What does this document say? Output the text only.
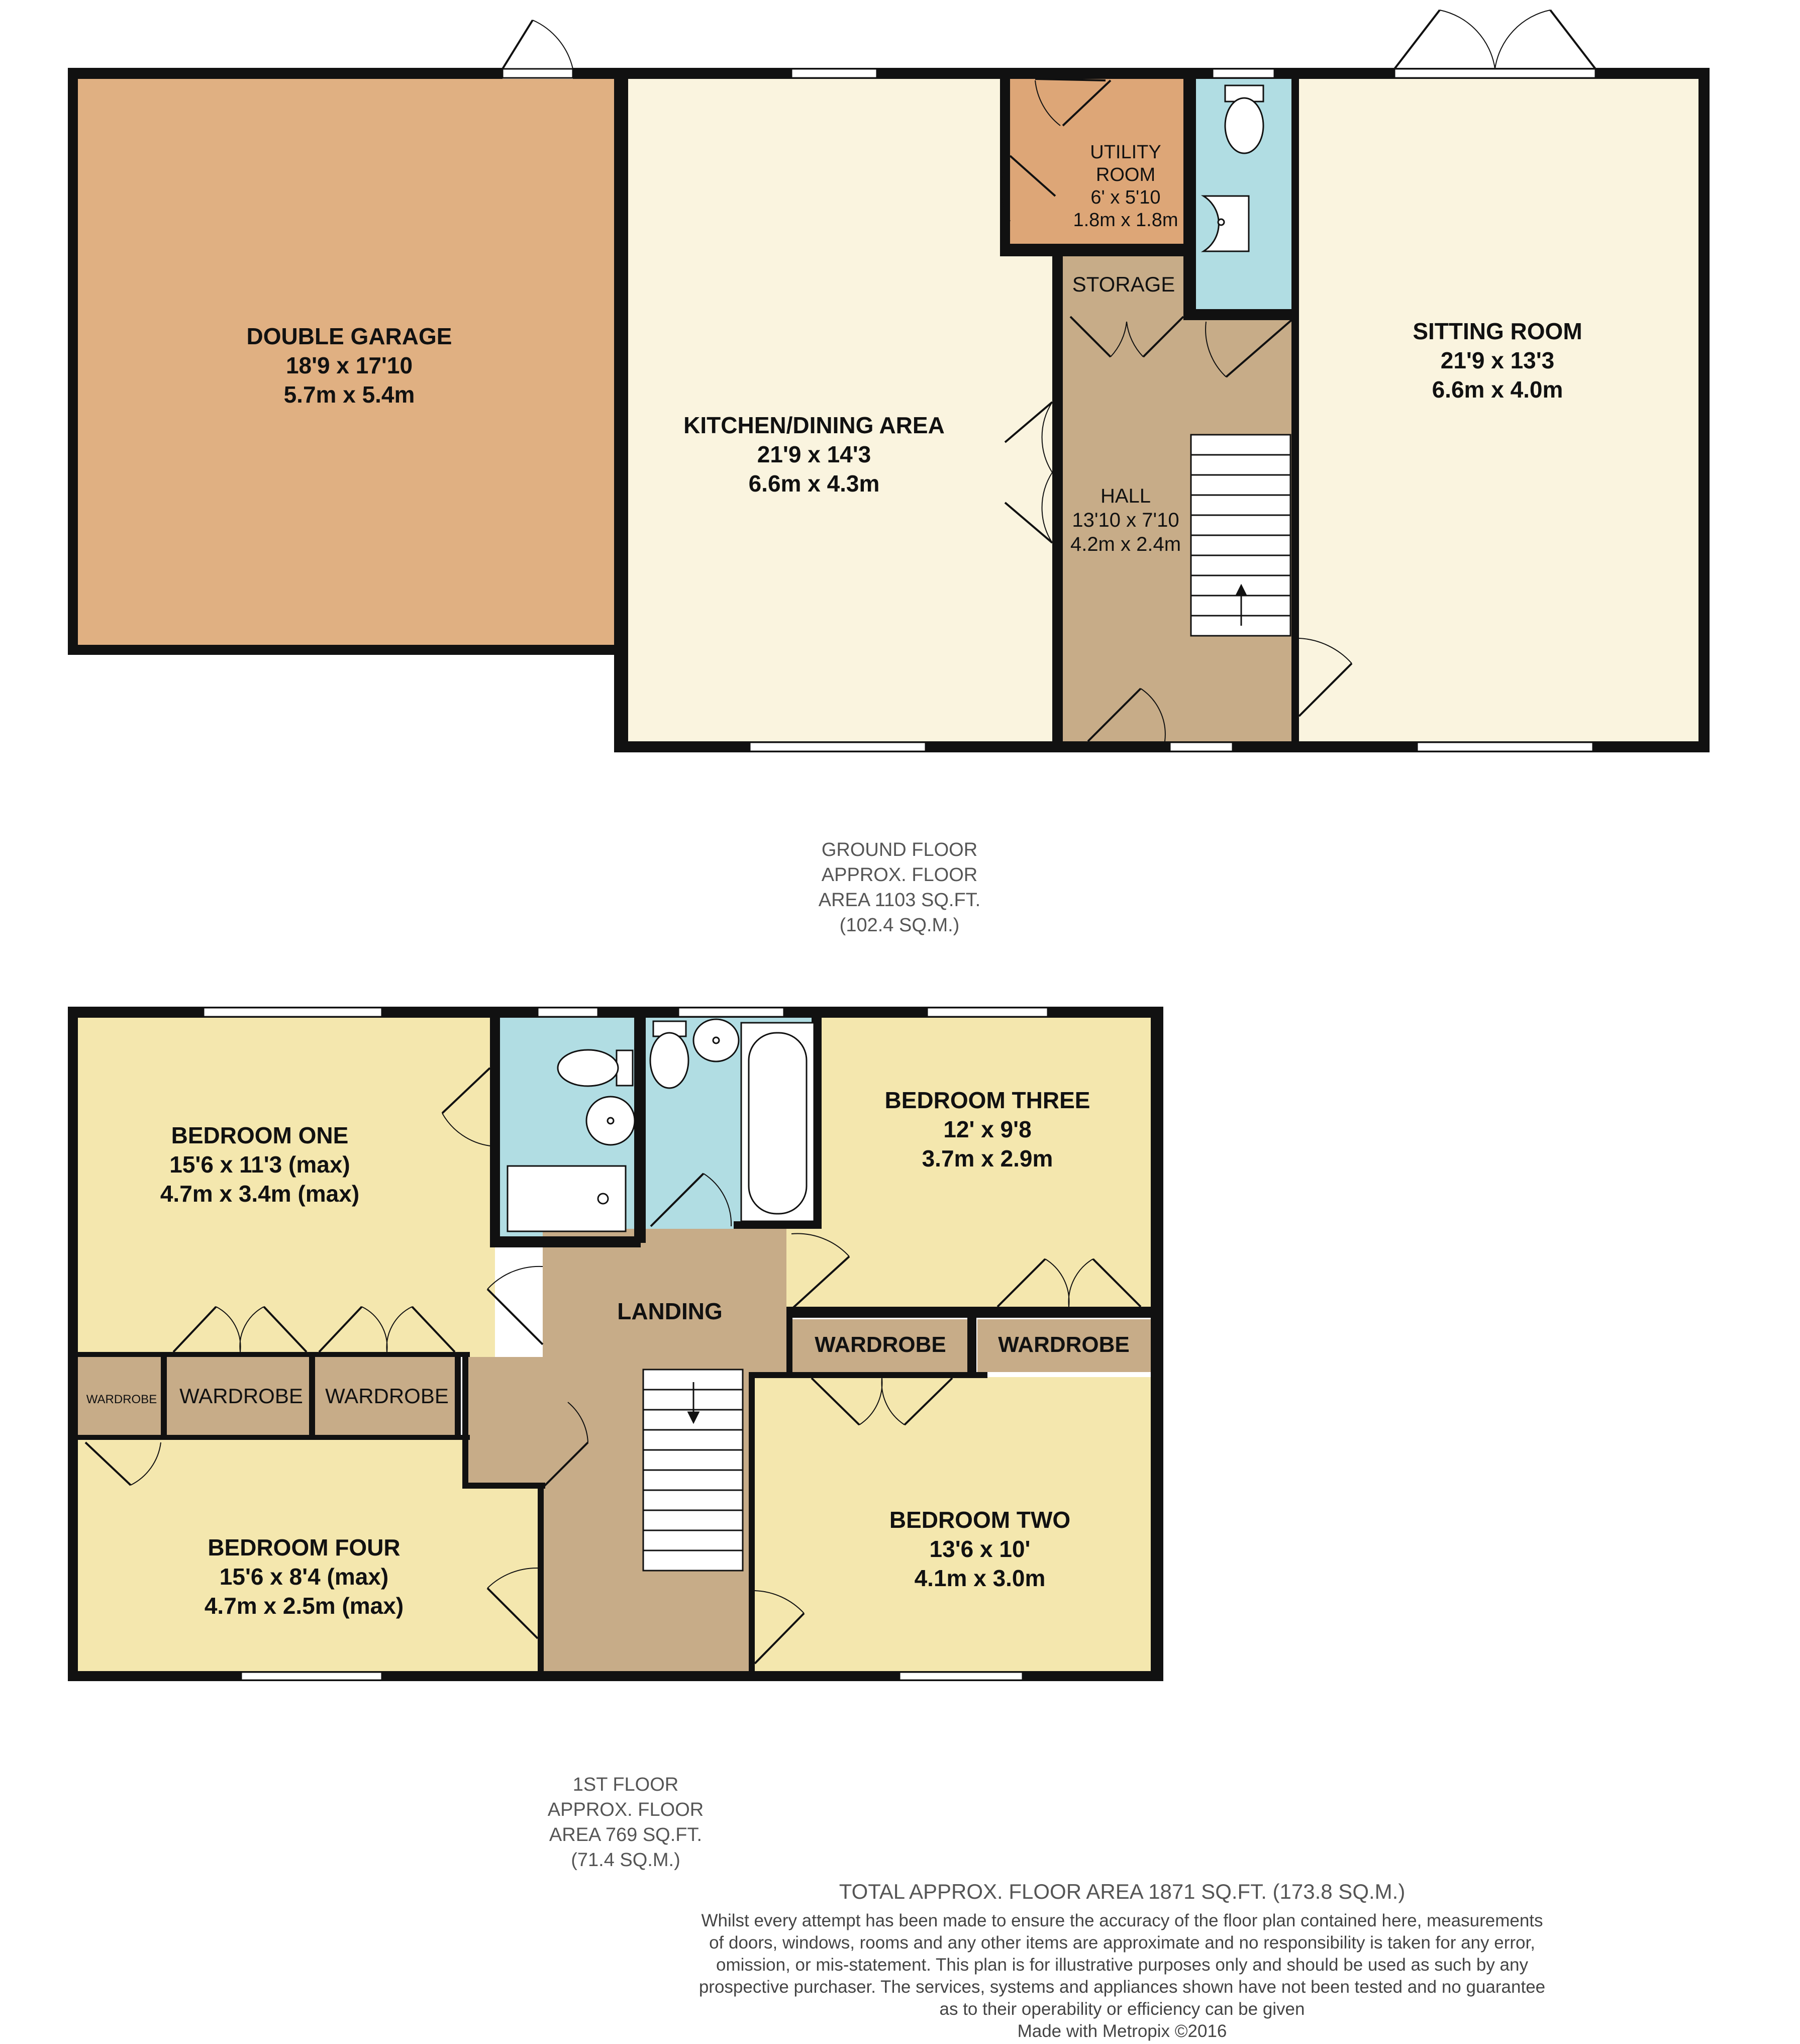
DOUBLE GARAGE
18'9 x 17'10
5.7m x 5.4m
KITCHEN/DINING AREA
21'9 x 14'3
6.6m x 4.3m
UTILITY
ROOM
6' x 5'10
1.8m x 1.8m
STORAGE
HALL
13'10 x 7'10
4.2m x 2.4m
SITTING ROOM
21'9 x 13'3
6.6m x 4.0m
GROUND FLOOR
APPROX. FLOOR
AREA 1103 SQ.FT.
(102.4 SQ.M.)
BEDROOM ONE
15'6 x 11'3 (max)
4.7m x 3.4m (max)
BEDROOM THREE
12' x 9'8
3.7m x 2.9m
LANDING
BEDROOM TWO
13'6 x 10'
4.1m x 3.0m
BEDROOM FOUR
15'6 x 8'4 (max)
4.7m x 2.5m (max)
WARDROBE WARDROBE WARDROBE
WARDROBE WARDROBE
1ST FLOOR
APPROX. FLOOR
AREA 769 SQ.FT.
(71.4 SQ.M.)
TOTAL APPROX. FLOOR AREA 1871 SQ.FT. (173.8 SQ.M.)
Whilst every attempt has been made to ensure the accuracy of the floor plan contained here, measurements
of doors, windows, rooms and any other items are approximate and no responsibility is taken for any error,
omission, or mis-statement. This plan is for illustrative purposes only and should be used as such by any
prospective purchaser. The services, systems and appliances shown have not been tested and no guarantee
as to their operability or efficiency can be given
Made with Metropix ©2016
